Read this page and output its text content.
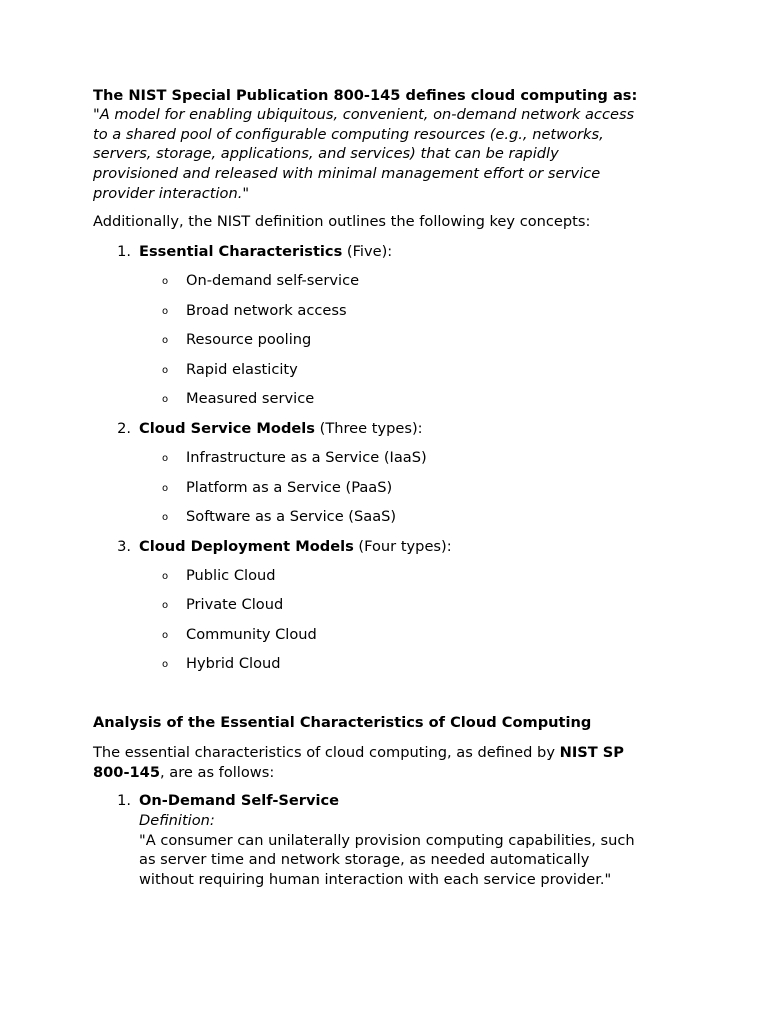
The NIST Special Publication 800-145 defines cloud computing as:
"A model for enabling ubiquitous, convenient, on-demand network access
to a shared pool of configurable computing resources (e.g., networks,
servers, storage, applications, and services) that can be rapidly
provisioned and released with minimal management effort or service
provider interaction."
Additionally, the NIST definition outlines the following key concepts:
1. Essential Characteristics (Five):
o On-demand self-service
o Broad network access
o Resource pooling
o Rapid elasticity
o Measured service
2. Cloud Service Models (Three types):
o Infrastructure as a Service (IaaS)
o Platform as a Service (PaaS)
o Software as a Service (SaaS)
3. Cloud Deployment Models (Four types):
o Public Cloud
o Private Cloud
o Community Cloud
o Hybrid Cloud
Analysis of the Essential Characteristics of Cloud Computing
The essential characteristics of cloud computing, as defined by NIST SP
800-145, are as follows:
1. On-Demand Self-Service
Definition:
"A consumer can unilaterally provision computing capabilities, such
as server time and network storage, as needed automatically
without requiring human interaction with each service provider."
